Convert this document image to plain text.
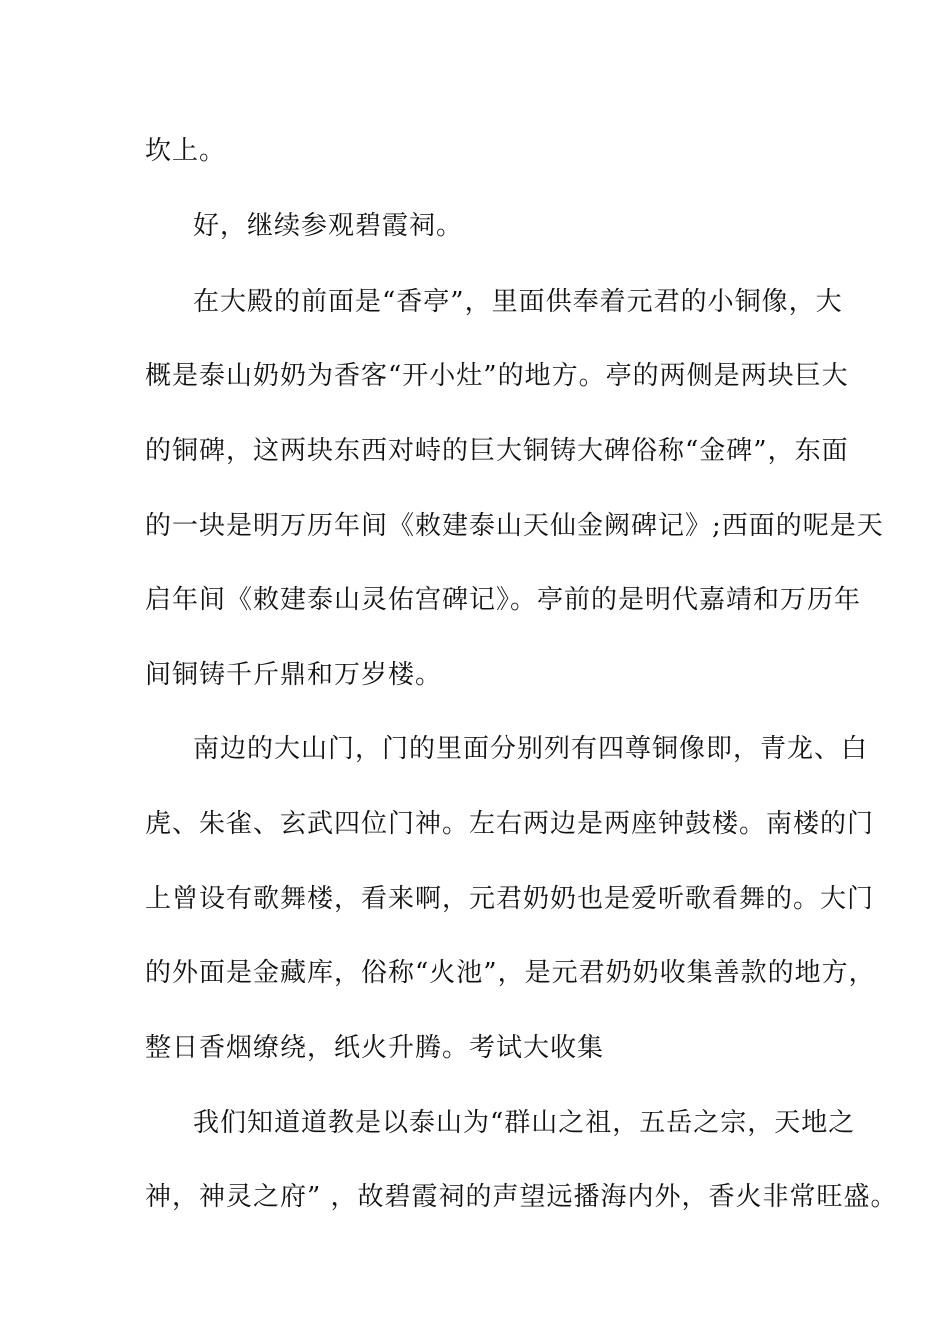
坎上。
好，继续参观碧霞祠。
在大殿的前面是“香亭”，里面供奉着元君的小铜像，大
概是泰山奶奶为香客“开小灶”的地方。亭的两侧是两块巨大
的铜碑，这两块东西对峙的巨大铜铸大碑俗称“金碑”，东面
的一块是明万历年间《敕建泰山天仙金阙碑记》;西面的呢是天
启年间《敕建泰山灵佑宫碑记》。亭前的是明代嘉靖和万历年
间铜铸千斤鼎和万岁楼。
南边的大山门，门的里面分别列有四尊铜像即，青龙、白
虎、朱雀、玄武四位门神。左右两边是两座钟鼓楼。南楼的门
上曾设有歌舞楼，看来啊，元君奶奶也是爱听歌看舞的。大门
的外面是金藏库，俗称“火池”，是元君奶奶收集善款的地方，
整日香烟缭绕，纸火升腾。考试大收集
我们知道道教是以泰山为“群山之祖，五岳之宗，天地之
神，神灵之府” ，故碧霞祠的声望远播海内外，香火非常旺盛。
